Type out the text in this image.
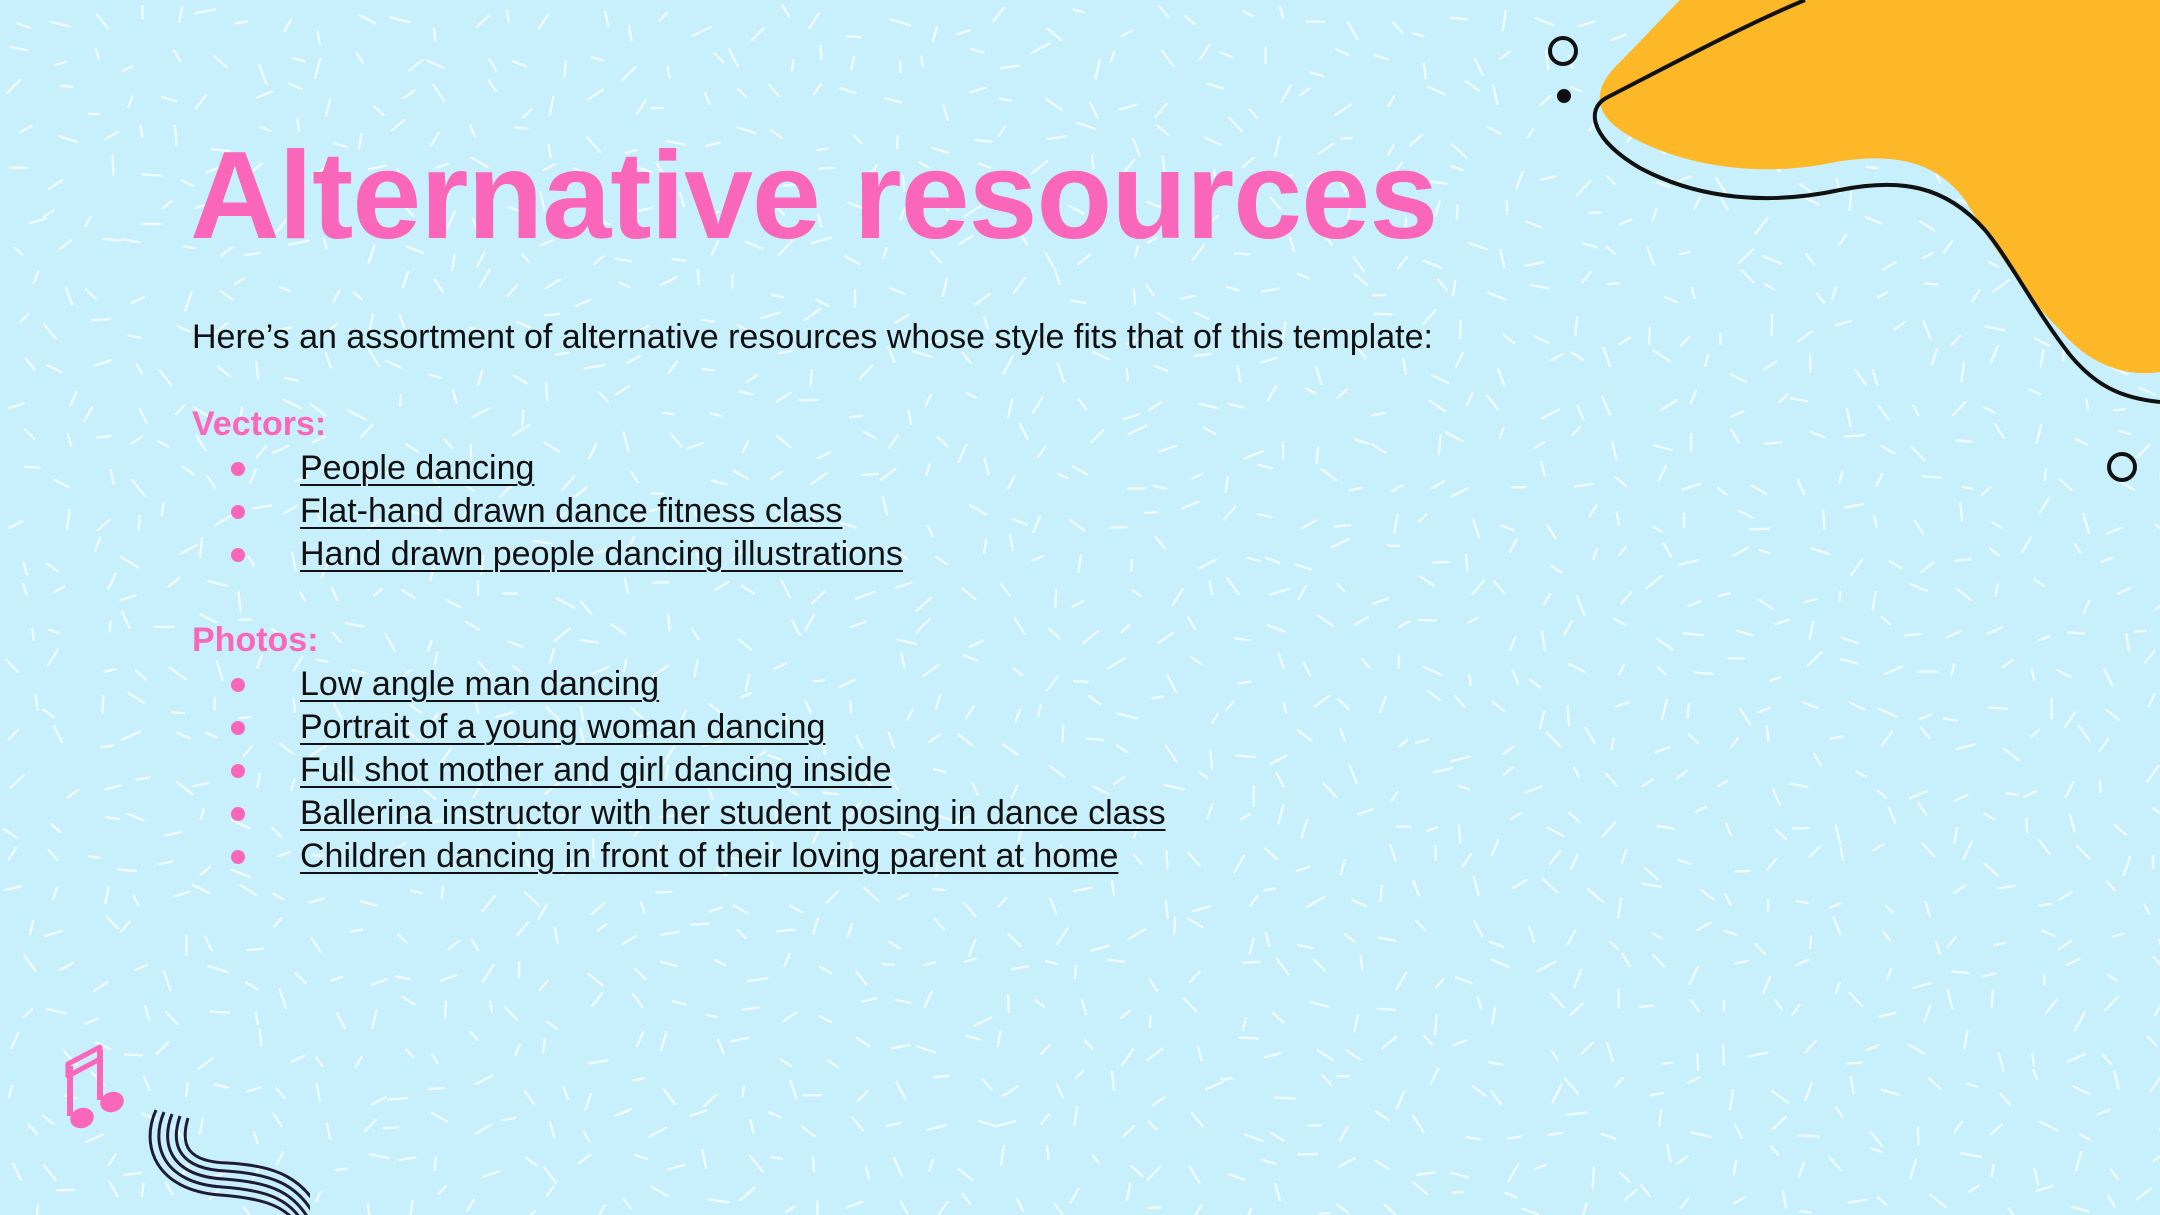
Alternative resources

Here’s an assortment of alternative resources whose style fits that of this template:

Vectors:

People dancing
Flat-hand drawn dance fitness class
Hand drawn people dancing illustrations

Photos:

Low angle man dancing
Portrait of a young woman dancing
Full shot mother and girl dancing inside
Ballerina instructor with her student posing in dance class
Children dancing in front of their loving parent at home
